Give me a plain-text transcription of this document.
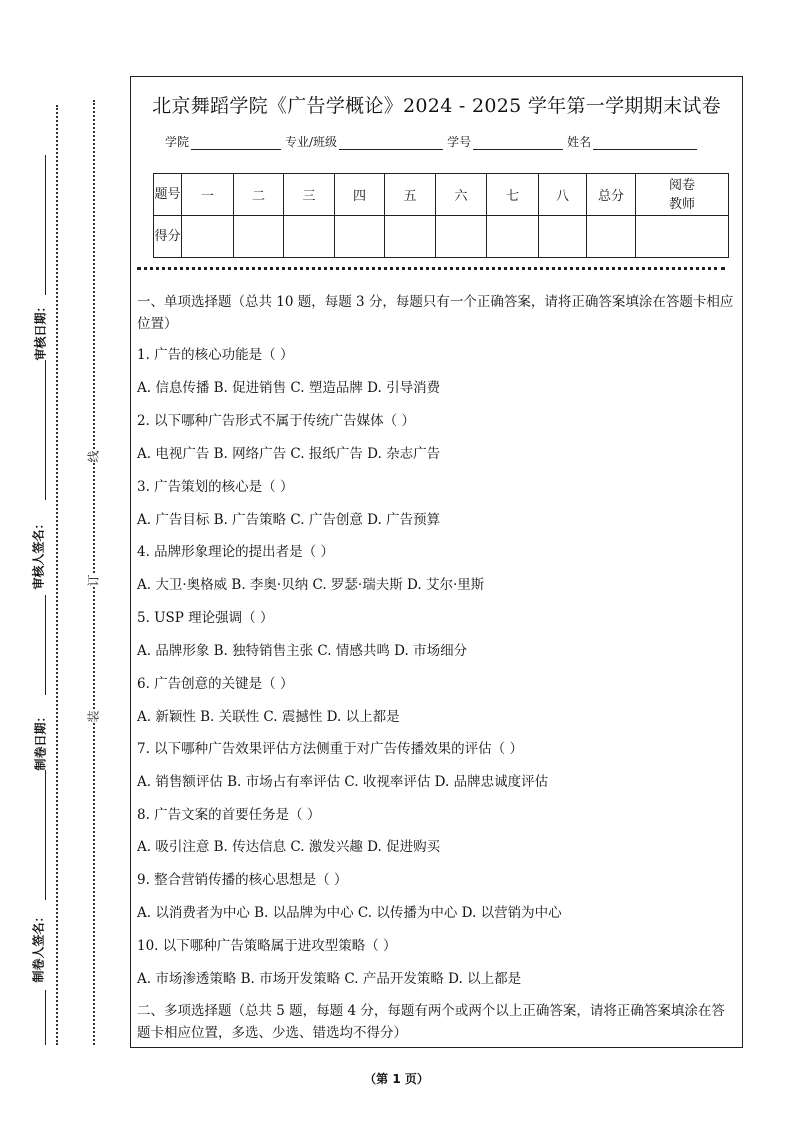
审核日期：
审核人签名：
制卷日期：
制卷人签名：
线
订
装
北京舞蹈学院《广告学概论》2024 - 2025 学年第一学期期末试卷
学院	专业/班级	学号	姓名
题号	一	二	三	四	五	六	七	八	总分	阅卷教师
得分										
一、单项选择题（总共 10 题，每题 3 分，每题只有一个正确答案，请将正确答案填涂在答题卡相应位置）
1. 广告的核心功能是（ ）
A. 信息传播 B. 促进销售 C. 塑造品牌 D. 引导消费
2. 以下哪种广告形式不属于传统广告媒体（ ）
A. 电视广告 B. 网络广告 C. 报纸广告 D. 杂志广告
3. 广告策划的核心是（ ）
A. 广告目标 B. 广告策略 C. 广告创意 D. 广告预算
4. 品牌形象理论的提出者是（ ）
A. 大卫·奥格威 B. 李奥·贝纳 C. 罗瑟·瑞夫斯 D. 艾尔·里斯
5. USP 理论强调（ ）
A. 品牌形象 B. 独特销售主张 C. 情感共鸣 D. 市场细分
6. 广告创意的关键是（ ）
A. 新颖性 B. 关联性 C. 震撼性 D. 以上都是
7. 以下哪种广告效果评估方法侧重于对广告传播效果的评估（ ）
A. 销售额评估 B. 市场占有率评估 C. 收视率评估 D. 品牌忠诚度评估
8. 广告文案的首要任务是（ ）
A. 吸引注意 B. 传达信息 C. 激发兴趣 D. 促进购买
9. 整合营销传播的核心思想是（ ）
A. 以消费者为中心 B. 以品牌为中心 C. 以传播为中心 D. 以营销为中心
10. 以下哪种广告策略属于进攻型策略（ ）
A. 市场渗透策略 B. 市场开发策略 C. 产品开发策略 D. 以上都是
二、多项选择题（总共 5 题，每题 4 分，每题有两个或两个以上正确答案，请将正确答案填涂在答题卡相应位置，多选、少选、错选均不得分）
（第 1 页）
